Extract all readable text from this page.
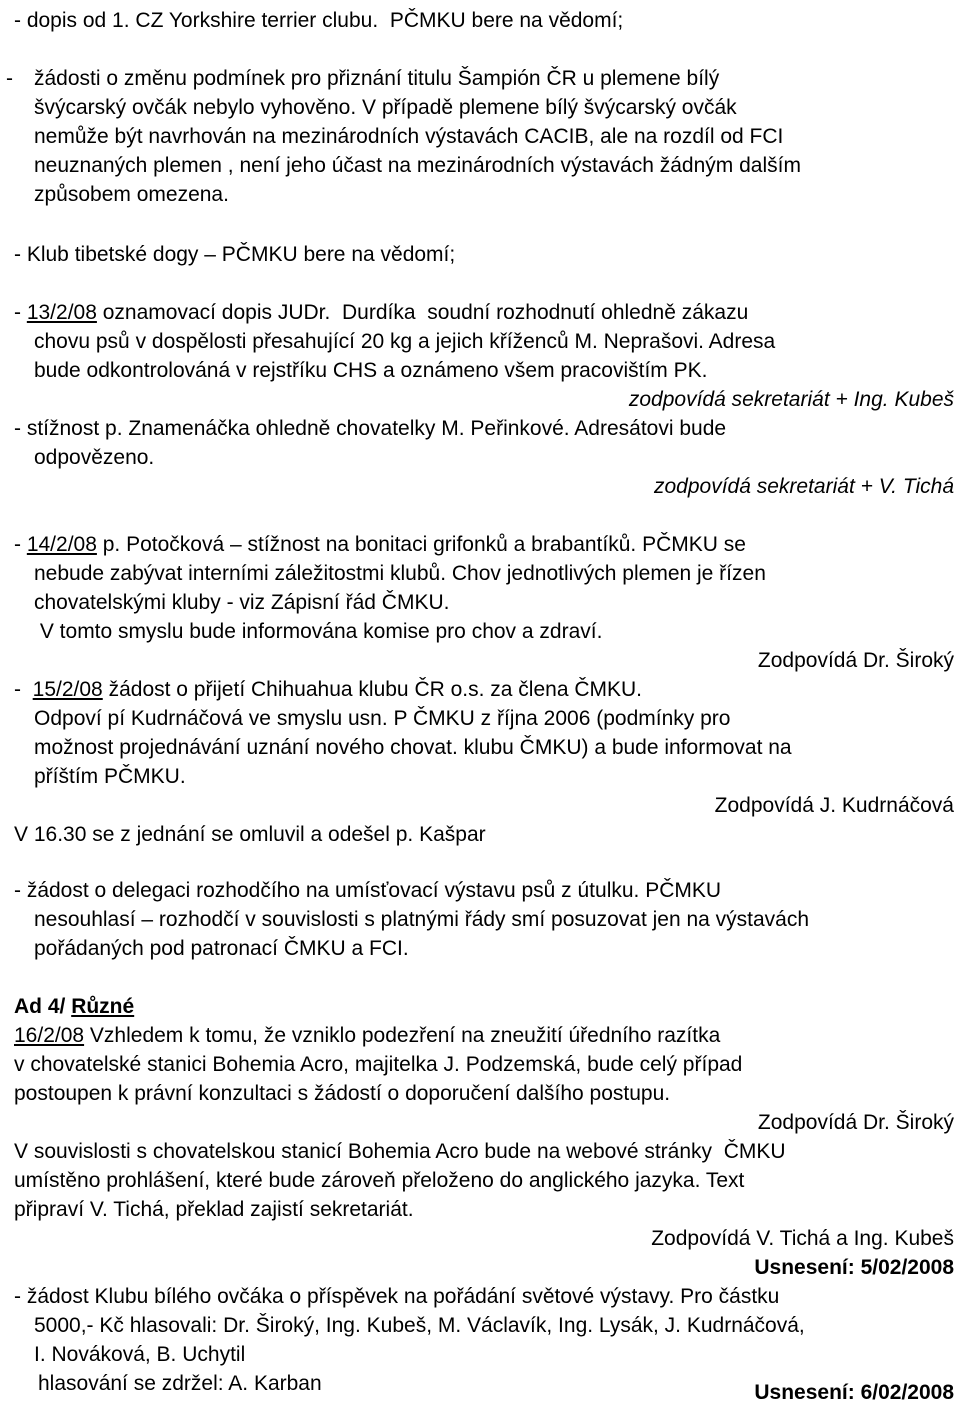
- dopis od 1. CZ Yorkshire terrier clubu.  PČMKU bere na vědomí;
- žádosti o změnu podmínek pro přiznání titulu Šampión ČR u plemene bílý
švýcarský ovčák nebylo vyhověno. V případě plemene bílý švýcarský ovčák
nemůže být navrhován na mezinárodních výstavách CACIB, ale na rozdíl od FCI
neuznaných plemen , není jeho účast na mezinárodních výstavách žádným dalším
způsobem omezena.
- Klub tibetské dogy – PČMKU bere na vědomí;
- 13/2/08 oznamovací dopis JUDr.  Durdíka  soudní rozhodnutí ohledně zákazu
chovu psů v dospělosti přesahující 20 kg a jejich kříženců M. Neprašovi. Adresa
bude odkontrolováná v rejstříku CHS a oznámeno všem pracovištím PK.
zodpovídá sekretariát + Ing. Kubeš
- stížnost p. Znamenáčka ohledně chovatelky M. Peřinkové. Adresátovi bude
odpovězeno.
zodpovídá sekretariát + V. Tichá
- 14/2/08 p. Potočková – stížnost na bonitaci grifonků a brabantíků. PČMKU se
nebude zabývat interními záležitostmi klubů. Chov jednotlivých plemen je řízen
chovatelskými kluby - viz Zápisní řád ČMKU.
V tomto smyslu bude informována komise pro chov a zdraví.
Zodpovídá Dr. Široký
-  15/2/08 žádost o přijetí Chihuahua klubu ČR o.s. za člena ČMKU.
Odpoví pí Kudrnáčová ve smyslu usn. P ČMKU z října 2006 (podmínky pro
možnost projednávání uznání nového chovat. klubu ČMKU) a bude informovat na
příštím PČMKU.
Zodpovídá J. Kudrnáčová
V 16.30 se z jednání se omluvil a odešel p. Kašpar
- žádost o delegaci rozhodčího na umísťovací výstavu psů z útulku. PČMKU
nesouhlasí – rozhodčí v souvislosti s platnými řády smí posuzovat jen na výstavách
pořádaných pod patronací ČMKU a FCI.
Ad 4/ Různé
16/2/08 Vzhledem k tomu, že vzniklo podezření na zneužití úředního razítka
v chovatelské stanici Bohemia Acro, majitelka J. Podzemská, bude celý případ
postoupen k právní konzultaci s žádostí o doporučení dalšího postupu.
Zodpovídá Dr. Široký
V souvislosti s chovatelskou stanicí Bohemia Acro bude na webové stránky  ČMKU
umístěno prohlášení, které bude zároveň přeloženo do anglického jazyka. Text
připraví V. Tichá, překlad zajistí sekretariát.
Zodpovídá V. Tichá a Ing. Kubeš
Usnesení: 5/02/2008
- žádost Klubu bílého ovčáka o příspěvek na pořádání světové výstavy. Pro částku
5000,- Kč hlasovali: Dr. Široký, Ing. Kubeš, M. Václavík, Ing. Lysák, J. Kudrnáčová,
I. Nováková, B. Uchytil
hlasování se zdržel: A. Karban	Usnesení: 6/02/2008
